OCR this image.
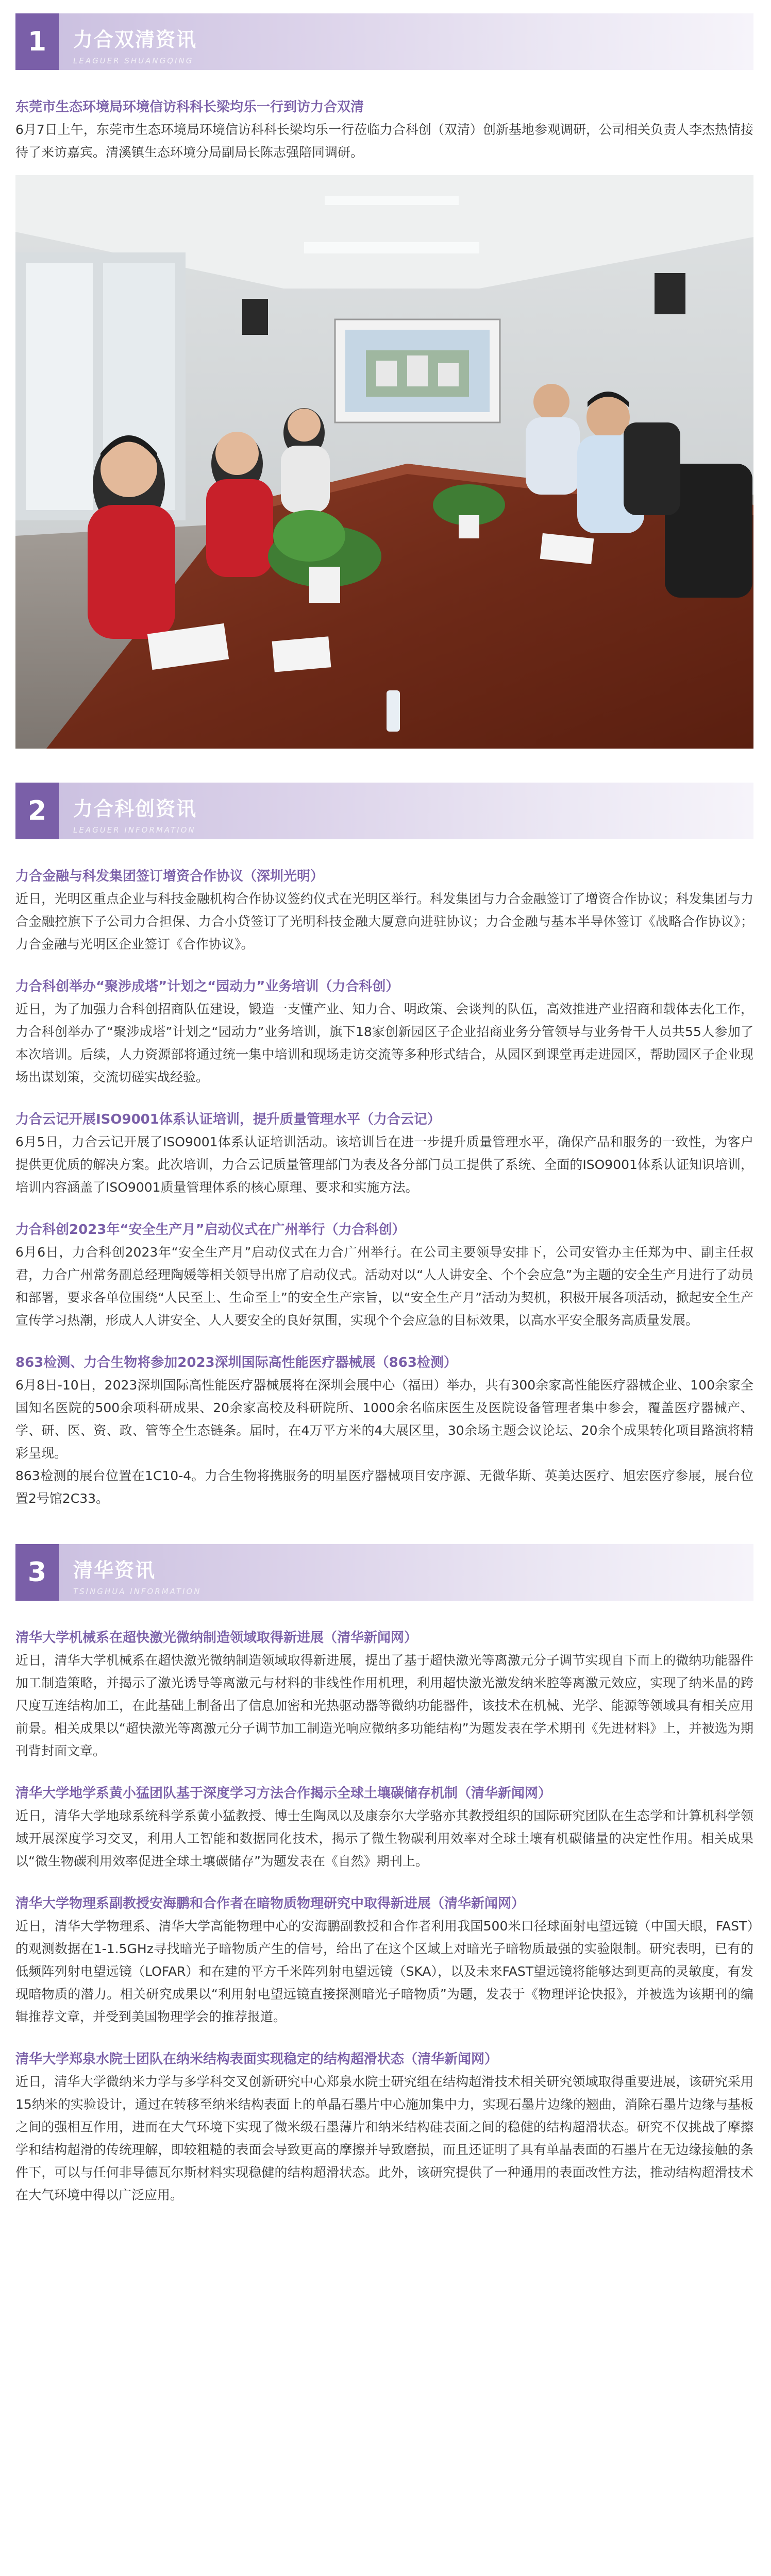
1	力合双清资讯
LEAGUER SHUANGQING
东莞市生态环境局环境信访科科长梁均乐一行到访力合双清
6月7日上午，东莞市生态环境局环境信访科科长梁均乐一行莅临力合科创（双清）创新基地参观调研，公司相关负责人李杰热情接待了来访嘉宾。清溪镇生态环境分局副局长陈志强陪同调研。
2	力合科创资讯
LEAGUER INFORMATION
力合金融与科发集团签订增资合作协议（深圳光明）
近日，光明区重点企业与科技金融机构合作协议签约仪式在光明区举行。科发集团与力合金融签订了增资合作协议；科发集团与力合金融控旗下子公司力合担保、力合小贷签订了光明科技金融大厦意向进驻协议；力合金融与基本半导体签订《战略合作协议》；力合金融与光明区企业签订《合作协议》。
力合科创举办“聚涉成塔”计划之“园动力”业务培训（力合科创）
近日，为了加强力合科创招商队伍建设，锻造一支懂产业、知力合、明政策、会谈判的队伍，高效推进产业招商和载体去化工作，力合科创举办了“聚涉成塔”计划之“园动力”业务培训，旗下18家创新园区子企业招商业务分管领导与业务骨干人员共55人参加了本次培训。后续，人力资源部将通过统一集中培训和现场走访交流等多种形式结合，从园区到课堂再走进园区，帮助园区子企业现场出谋划策，交流切磋实战经验。
力合云记开展ISO9001体系认证培训，提升质量管理水平（力合云记）
6月5日，力合云记开展了ISO9001体系认证培训活动。该培训旨在进一步提升质量管理水平，确保产品和服务的一致性，为客户提供更优质的解决方案。此次培训，力合云记质量管理部门为表及各分部门员工提供了系统、全面的ISO9001体系认证知识培训，培训内容涵盖了ISO9001质量管理体系的核心原理、要求和实施方法。
力合科创2023年“安全生产月”启动仪式在广州举行（力合科创）
6月6日，力合科创2023年“安全生产月”启动仪式在力合广州举行。在公司主要领导安排下，公司安管办主任郑为中、副主任叔君，力合广州常务副总经理陶媛等相关领导出席了启动仪式。活动对以“人人讲安全、个个会应急”为主题的安全生产月进行了动员和部署，要求各单位围绕“人民至上、生命至上”的安全生产宗旨，以“安全生产月”活动为契机，积极开展各项活动，掀起安全生产宣传学习热潮，形成人人讲安全、人人要安全的良好氛围，实现个个会应急的目标效果，以高水平安全服务高质量发展。
863检测、力合生物将参加2023深圳国际高性能医疗器械展（863检测）
6月8日-10日，2023深圳国际高性能医疗器械展将在深圳会展中心（福田）举办，共有300余家高性能医疗器械企业、100余家全国知名医院的500余项科研成果、20余家高校及科研院所、1000余名临床医生及医院设备管理者集中参会，覆盖医疗器械产、学、研、医、资、政、管等全生态链条。届时，在4万平方米的4大展区里，30余场主题会议论坛、20余个成果转化项目路演将精彩呈现。
863检测的展台位置在1C10-4。力合生物将携服务的明星医疗器械项目安序源、无微华斯、英美达医疗、旭宏医疗参展，展台位置2号馆2C33。
3	清华资讯
TSINGHUA INFORMATION
清华大学机械系在超快激光微纳制造领域取得新进展（清华新闻网）
近日，清华大学机械系在超快激光微纳制造领域取得新进展，提出了基于超快激光等离激元分子调节实现自下而上的微纳功能器件加工制造策略，并揭示了激光诱导等离激元与材料的非线性作用机理，利用超快激光激发纳米腔等离激元效应，实现了纳米晶的跨尺度互连结构加工，在此基础上制备出了信息加密和光热驱动器等微纳功能器件，该技术在机械、光学、能源等领域具有相关应用前景。相关成果以“超快激光等离激元分子调节加工制造光响应微纳多功能结构”为题发表在学术期刊《先进材料》上，并被选为期刊背封面文章。
清华大学地学系黄小猛团队基于深度学习方法合作揭示全球土壤碳储存机制（清华新闻网）
近日，清华大学地球系统科学系黄小猛教授、博士生陶凤以及康奈尔大学骆亦其教授组织的国际研究团队在生态学和计算机科学领域开展深度学习交叉，利用人工智能和数据同化技术，揭示了微生物碳利用效率对全球土壤有机碳储量的决定性作用。相关成果以“微生物碳利用效率促进全球土壤碳储存”为题发表在《自然》期刊上。
清华大学物理系副教授安海鹏和合作者在暗物质物理研究中取得新进展（清华新闻网）
近日，清华大学物理系、清华大学高能物理中心的安海鹏副教授和合作者利用我国500米口径球面射电望远镜（中国天眼，FAST）的观测数据在1-1.5GHz寻找暗光子暗物质产生的信号，给出了在这个区域上对暗光子暗物质最强的实验限制。研究表明，已有的低频阵列射电望远镜（LOFAR）和在建的平方千米阵列射电望远镜（SKA），以及未来FAST望远镜将能够达到更高的灵敏度，有发现暗物质的潜力。相关研究成果以“利用射电望远镜直接探测暗光子暗物质”为题，发表于《物理评论快报》，并被选为该期刊的编辑推荐文章，并受到美国物理学会的推荐报道。
清华大学郑泉水院士团队在纳米结构表面实现稳定的结构超滑状态（清华新闻网）
近日，清华大学微纳米力学与多学科交叉创新研究中心郑泉水院士研究组在结构超滑技术相关研究领域取得重要进展，该研究采用15纳米的实验设计，通过在转移至纳米结构表面上的单晶石墨片中心施加集中力，实现石墨片边缘的翘曲，消除石墨片边缘与基板之间的强相互作用，进而在大气环境下实现了微米级石墨薄片和纳米结构硅表面之间的稳健的结构超滑状态。研究不仅挑战了摩擦学和结构超滑的传统理解，即较粗糙的表面会导致更高的摩擦并导致磨损，而且还证明了具有单晶表面的石墨片在无边缘接触的条件下，可以与任何非导德瓦尔斯材料实现稳健的结构超滑状态。此外，该研究提供了一种通用的表面改性方法，推动结构超滑技术在大气环境中得以广泛应用。
